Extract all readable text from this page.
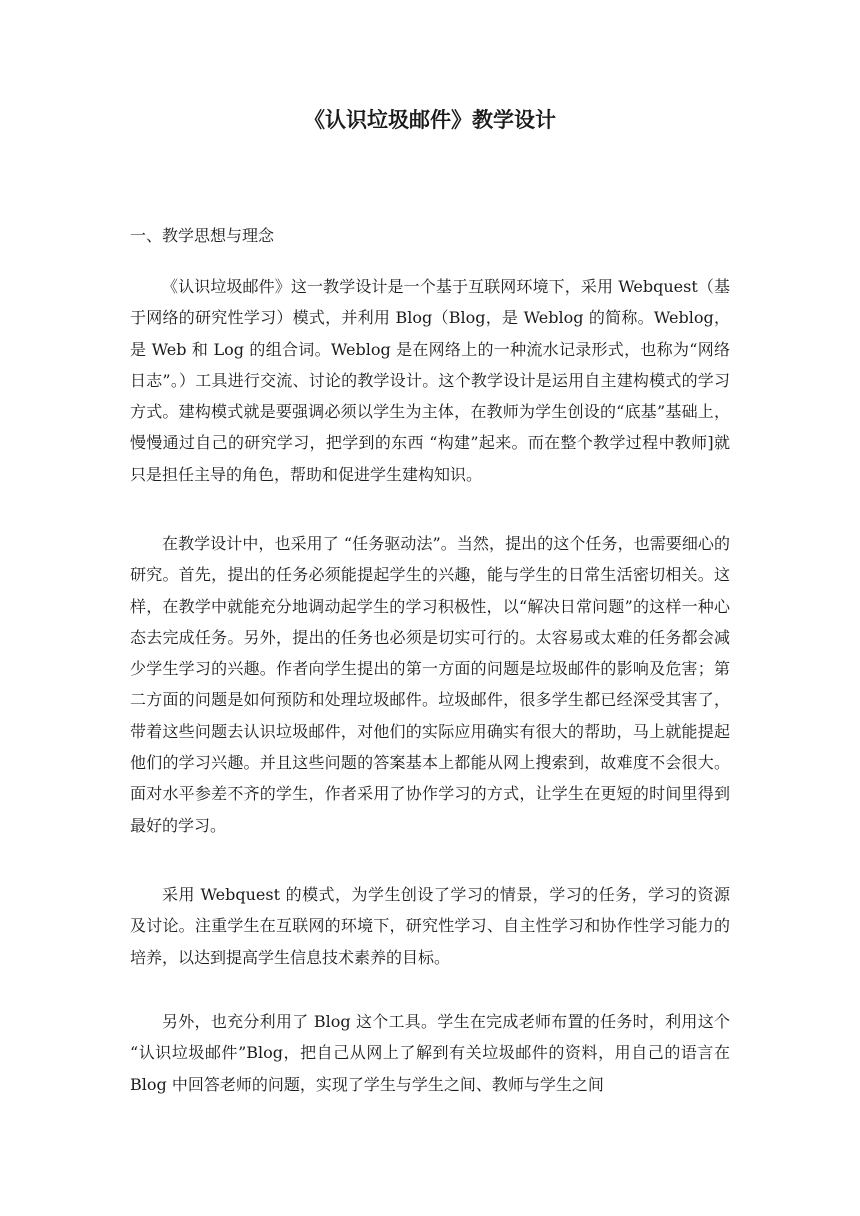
《认识垃圾邮件》教学设计
一、教学思想与理念

《认识垃圾邮件》这一教学设计是一个基于互联网环境下，采用 Webquest（基于网络的研究性学习）模式，并利用 Blog（Blog，是 Weblog 的简称。Weblog，是 Web 和 Log 的组合词。Weblog 是在网络上的一种流水记录形式，也称为“网络日志”。）工具进行交流、讨论的教学设计。这个教学设计是运用自主建构模式的学习方式。建构模式就是要强调必须以学生为主体，在教师为学生创设的“底基”基础上，慢慢通过自己的研究学习，把学到的东西 “构建”起来。而在整个教学过程中教师]就只是担任主导的角色，帮助和促进学生建构知识。

在教学设计中，也采用了 “任务驱动法”。当然，提出的这个任务，也需要细心的研究。首先，提出的任务必须能提起学生的兴趣，能与学生的日常生活密切相关。这样，在教学中就能充分地调动起学生的学习积极性，以“解决日常问题”的这样一种心态去完成任务。另外，提出的任务也必须是切实可行的。太容易或太难的任务都会减少学生学习的兴趣。作者向学生提出的第一方面的问题是垃圾邮件的影响及危害；第二方面的问题是如何预防和处理垃圾邮件。垃圾邮件，很多学生都已经深受其害了，带着这些问题去认识垃圾邮件，对他们的实际应用确实有很大的帮助，马上就能提起他们的学习兴趣。并且这些问题的答案基本上都能从网上搜索到，故难度不会很大。面对水平参差不齐的学生，作者采用了协作学习的方式，让学生在更短的时间里得到最好的学习。

采用 Webquest 的模式，为学生创设了学习的情景，学习的任务，学习的资源及讨论。注重学生在互联网的环境下，研究性学习、自主性学习和协作性学习能力的培养，以达到提高学生信息技术素养的目标。

另外，也充分利用了 Blog 这个工具。学生在完成老师布置的任务时，利用这个 “认识垃圾邮件”Blog，把自己从网上了解到有关垃圾邮件的资料，用自己的语言在 Blog 中回答老师的问题，实现了学生与学生之间、教师与学生之间
